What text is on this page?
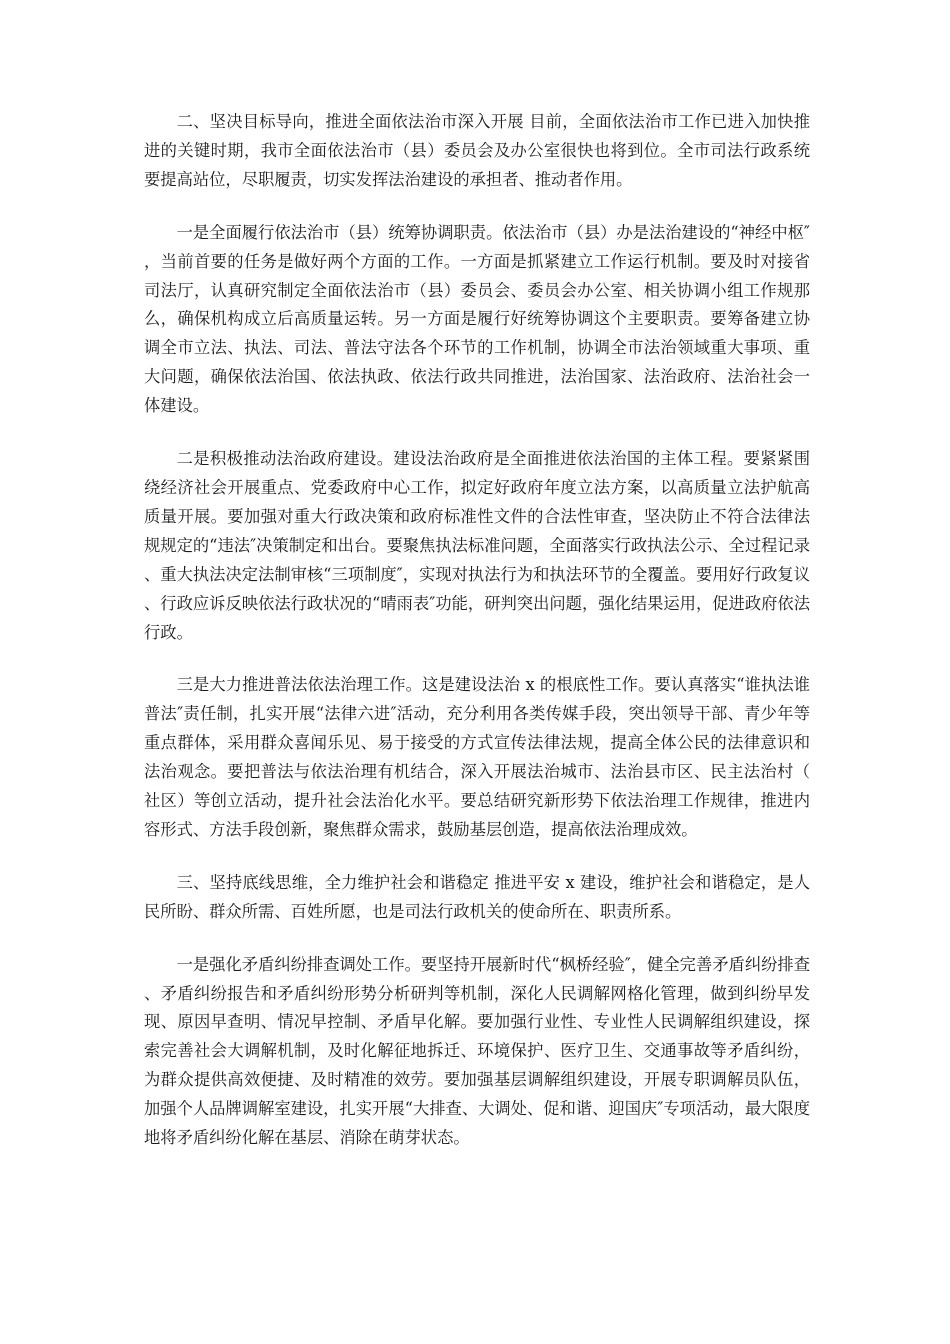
二、坚决目标导向，推进全面依法治市深入开展 目前，全面依法治市工作已进入加快推进的关键时期，我市全面依法治市（县）委员会及办公室很快也将到位。全市司法行政系统要提高站位，尽职履责，切实发挥法治建设的承担者、推动者作用。

一是全面履行依法治市（县）统筹协调职责。依法治市（县）办是法治建设的“神经中枢″，当前首要的任务是做好两个方面的工作。一方面是抓紧建立工作运行机制。要及时对接省司法厅，认真研究制定全面依法治市（县）委员会、委员会办公室、相关协调小组工作规那么，确保机构成立后高质量运转。另一方面是履行好统筹协调这个主要职责。要筹备建立协调全市立法、执法、司法、普法守法各个环节的工作机制，协调全市法治领域重大事项、重大问题，确保依法治国、依法执政、依法行政共同推进，法治国家、法治政府、法治社会一体建设。

二是积极推动法治政府建设。建设法治政府是全面推进依法治国的主体工程。要紧紧围绕经济社会开展重点、党委政府中心工作，拟定好政府年度立法方案，以高质量立法护航高质量开展。要加强对重大行政决策和政府标准性文件的合法性审查，坚决防止不符合法律法规规定的“违法″决策制定和出台。要聚焦执法标准问题，全面落实行政执法公示、全过程记录、重大执法决定法制审核“三项制度″，实现对执法行为和执法环节的全覆盖。要用好行政复议、行政应诉反映依法行政状况的“晴雨表″功能，研判突出问题，强化结果运用，促进政府依法行政。

三是大力推进普法依法治理工作。这是建设法治 x 的根底性工作。要认真落实“谁执法谁普法″责任制，扎实开展“法律六进″活动，充分利用各类传媒手段，突出领导干部、青少年等重点群体，采用群众喜闻乐见、易于接受的方式宣传法律法规，提高全体公民的法律意识和法治观念。要把普法与依法治理有机结合，深入开展法治城市、法治县市区、民主法治村（社区）等创立活动，提升社会法治化水平。要总结研究新形势下依法治理工作规律，推进内容形式、方法手段创新，聚焦群众需求，鼓励基层创造，提高依法治理成效。

三、坚持底线思维，全力维护社会和谐稳定 推进平安 x 建设，维护社会和谐稳定，是人民所盼、群众所需、百姓所愿，也是司法行政机关的使命所在、职责所系。

一是强化矛盾纠纷排查调处工作。要坚持开展新时代“枫桥经验″，健全完善矛盾纠纷排查、矛盾纠纷报告和矛盾纠纷形势分析研判等机制，深化人民调解网格化管理，做到纠纷早发现、原因早查明、情况早控制、矛盾早化解。要加强行业性、专业性人民调解组织建设，探索完善社会大调解机制，及时化解征地拆迁、环境保护、医疗卫生、交通事故等矛盾纠纷，为群众提供高效便捷、及时精准的效劳。要加强基层调解组织建设，开展专职调解员队伍，加强个人品牌调解室建设，扎实开展“大排查、大调处、促和谐、迎国庆″专项活动，最大限度地将矛盾纠纷化解在基层、消除在萌芽状态。
